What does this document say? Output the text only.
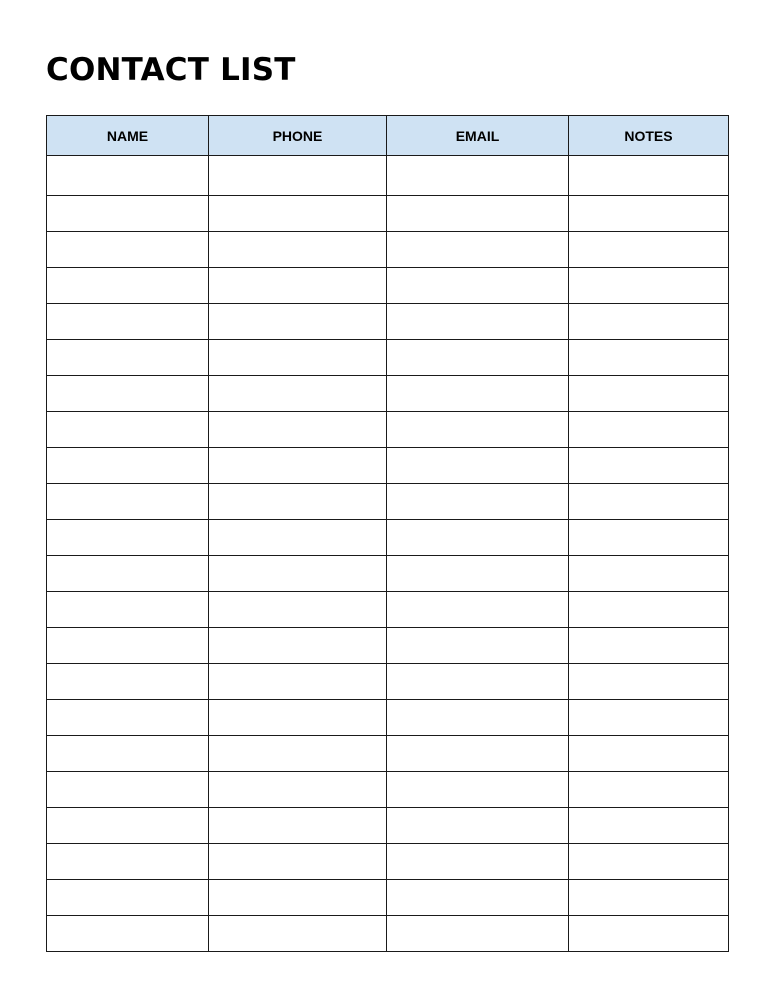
CONTACT LIST
NAME	PHONE	EMAIL	NOTES
